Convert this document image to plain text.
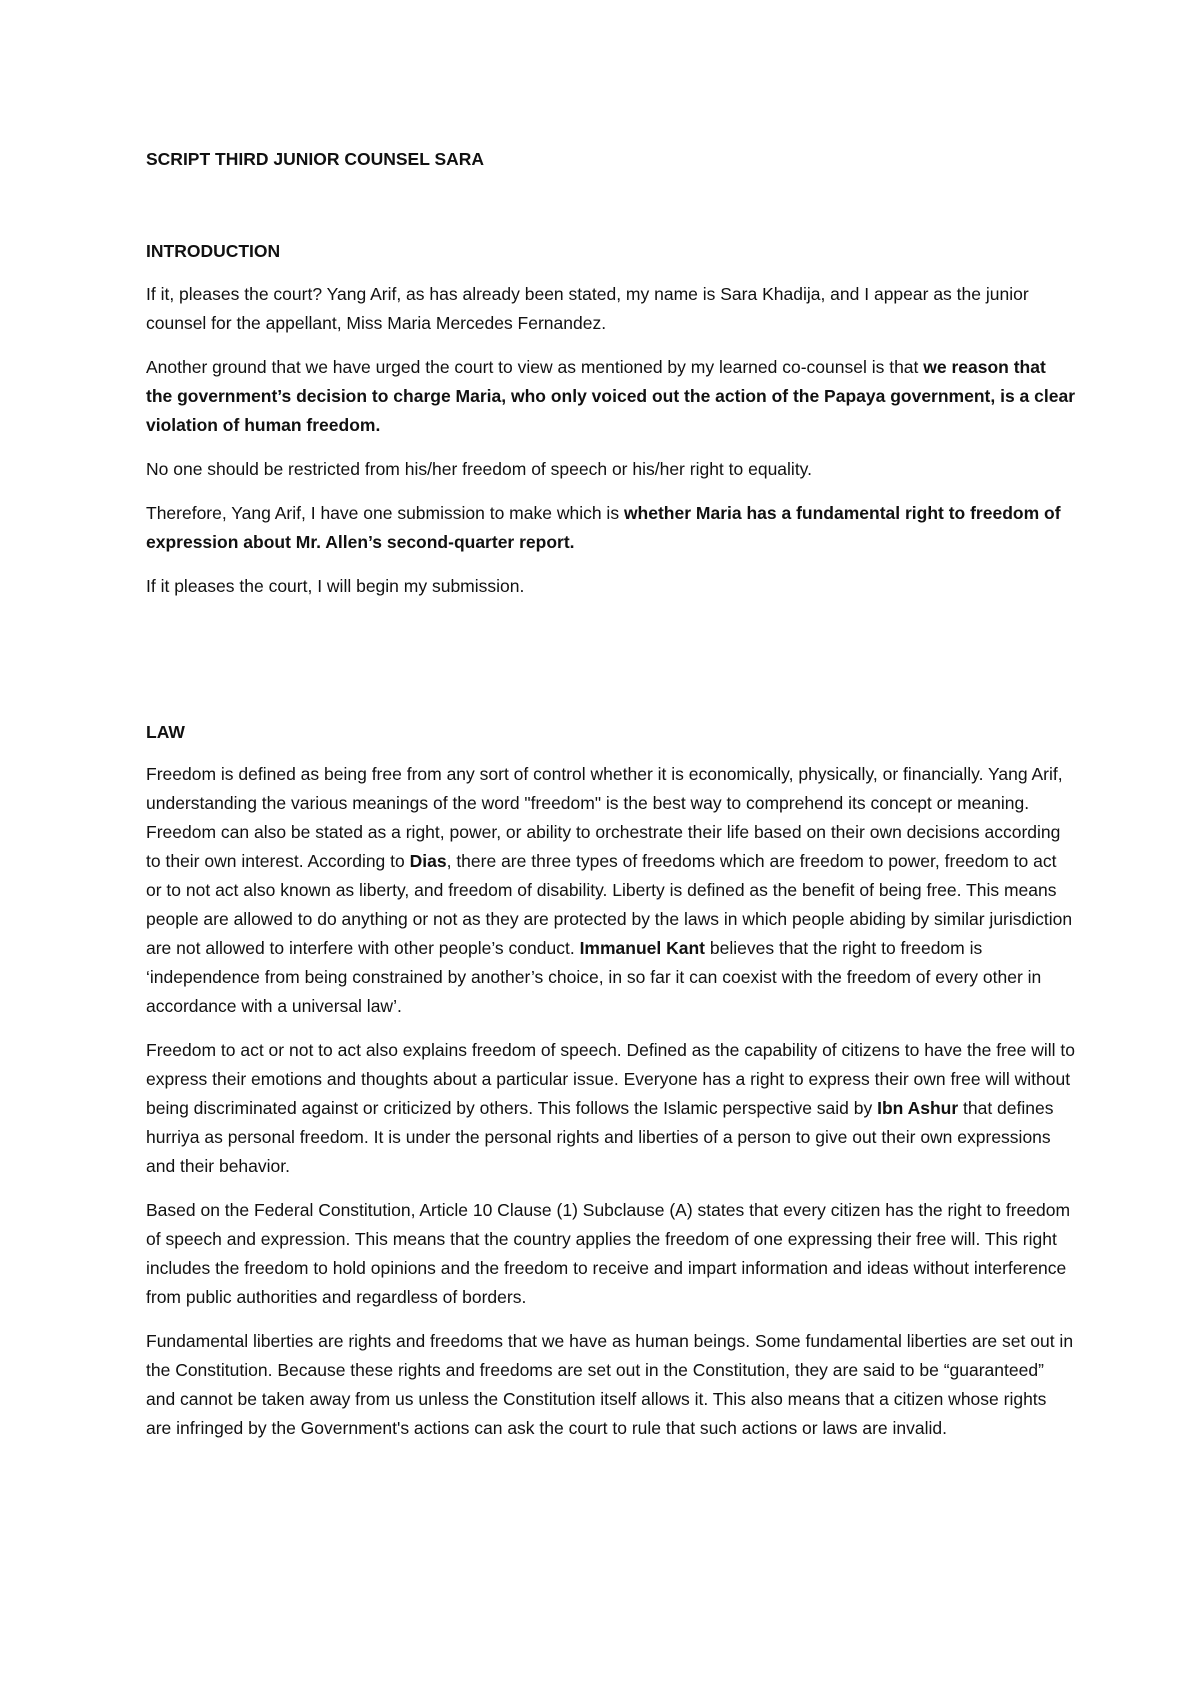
SCRIPT THIRD JUNIOR COUNSEL SARA
INTRODUCTION

If it, pleases the court? Yang Arif, as has already been stated, my name is Sara Khadija, and I appear as the junior counsel for the appellant, Miss Maria Mercedes Fernandez.

Another ground that we have urged the court to view as mentioned by my learned co-counsel is that we reason that the government’s decision to charge Maria, who only voiced out the action of the Papaya government, is a clear violation of human freedom.

No one should be restricted from his/her freedom of speech or his/her right to equality.

Therefore, Yang Arif, I have one submission to make which is whether Maria has a fundamental right to freedom of expression about Mr. Allen’s second-quarter report.

If it pleases the court, I will begin my submission.

LAW

Freedom is defined as being free from any sort of control whether it is economically, physically, or financially. Yang Arif, understanding the various meanings of the word "freedom" is the best way to comprehend its concept or meaning. Freedom can also be stated as a right, power, or ability to orchestrate their life based on their own decisions according to their own interest. According to Dias, there are three types of freedoms which are freedom to power, freedom to act or to not act also known as liberty, and freedom of disability. Liberty is defined as the benefit of being free. This means people are allowed to do anything or not as they are protected by the laws in which people abiding by similar jurisdiction are not allowed to interfere with other people’s conduct. Immanuel Kant believes that the right to freedom is ‘independence from being constrained by another’s choice, in so far it can coexist with the freedom of every other in accordance with a universal law’.

Freedom to act or not to act also explains freedom of speech. Defined as the capability of citizens to have the free will to express their emotions and thoughts about a particular issue. Everyone has a right to express their own free will without being discriminated against or criticized by others. This follows the Islamic perspective said by Ibn Ashur that defines hurriya as personal freedom. It is under the personal rights and liberties of a person to give out their own expressions and their behavior.

Based on the Federal Constitution, Article 10 Clause (1) Subclause (A) states that every citizen has the right to freedom of speech and expression. This means that the country applies the freedom of one expressing their free will. This right includes the freedom to hold opinions and the freedom to receive and impart information and ideas without interference from public authorities and regardless of borders.

Fundamental liberties are rights and freedoms that we have as human beings. Some fundamental liberties are set out in the Constitution. Because these rights and freedoms are set out in the Constitution, they are said to be “guaranteed” and cannot be taken away from us unless the Constitution itself allows it. This also means that a citizen whose rights are infringed by the Government's actions can ask the court to rule that such actions or laws are invalid.
